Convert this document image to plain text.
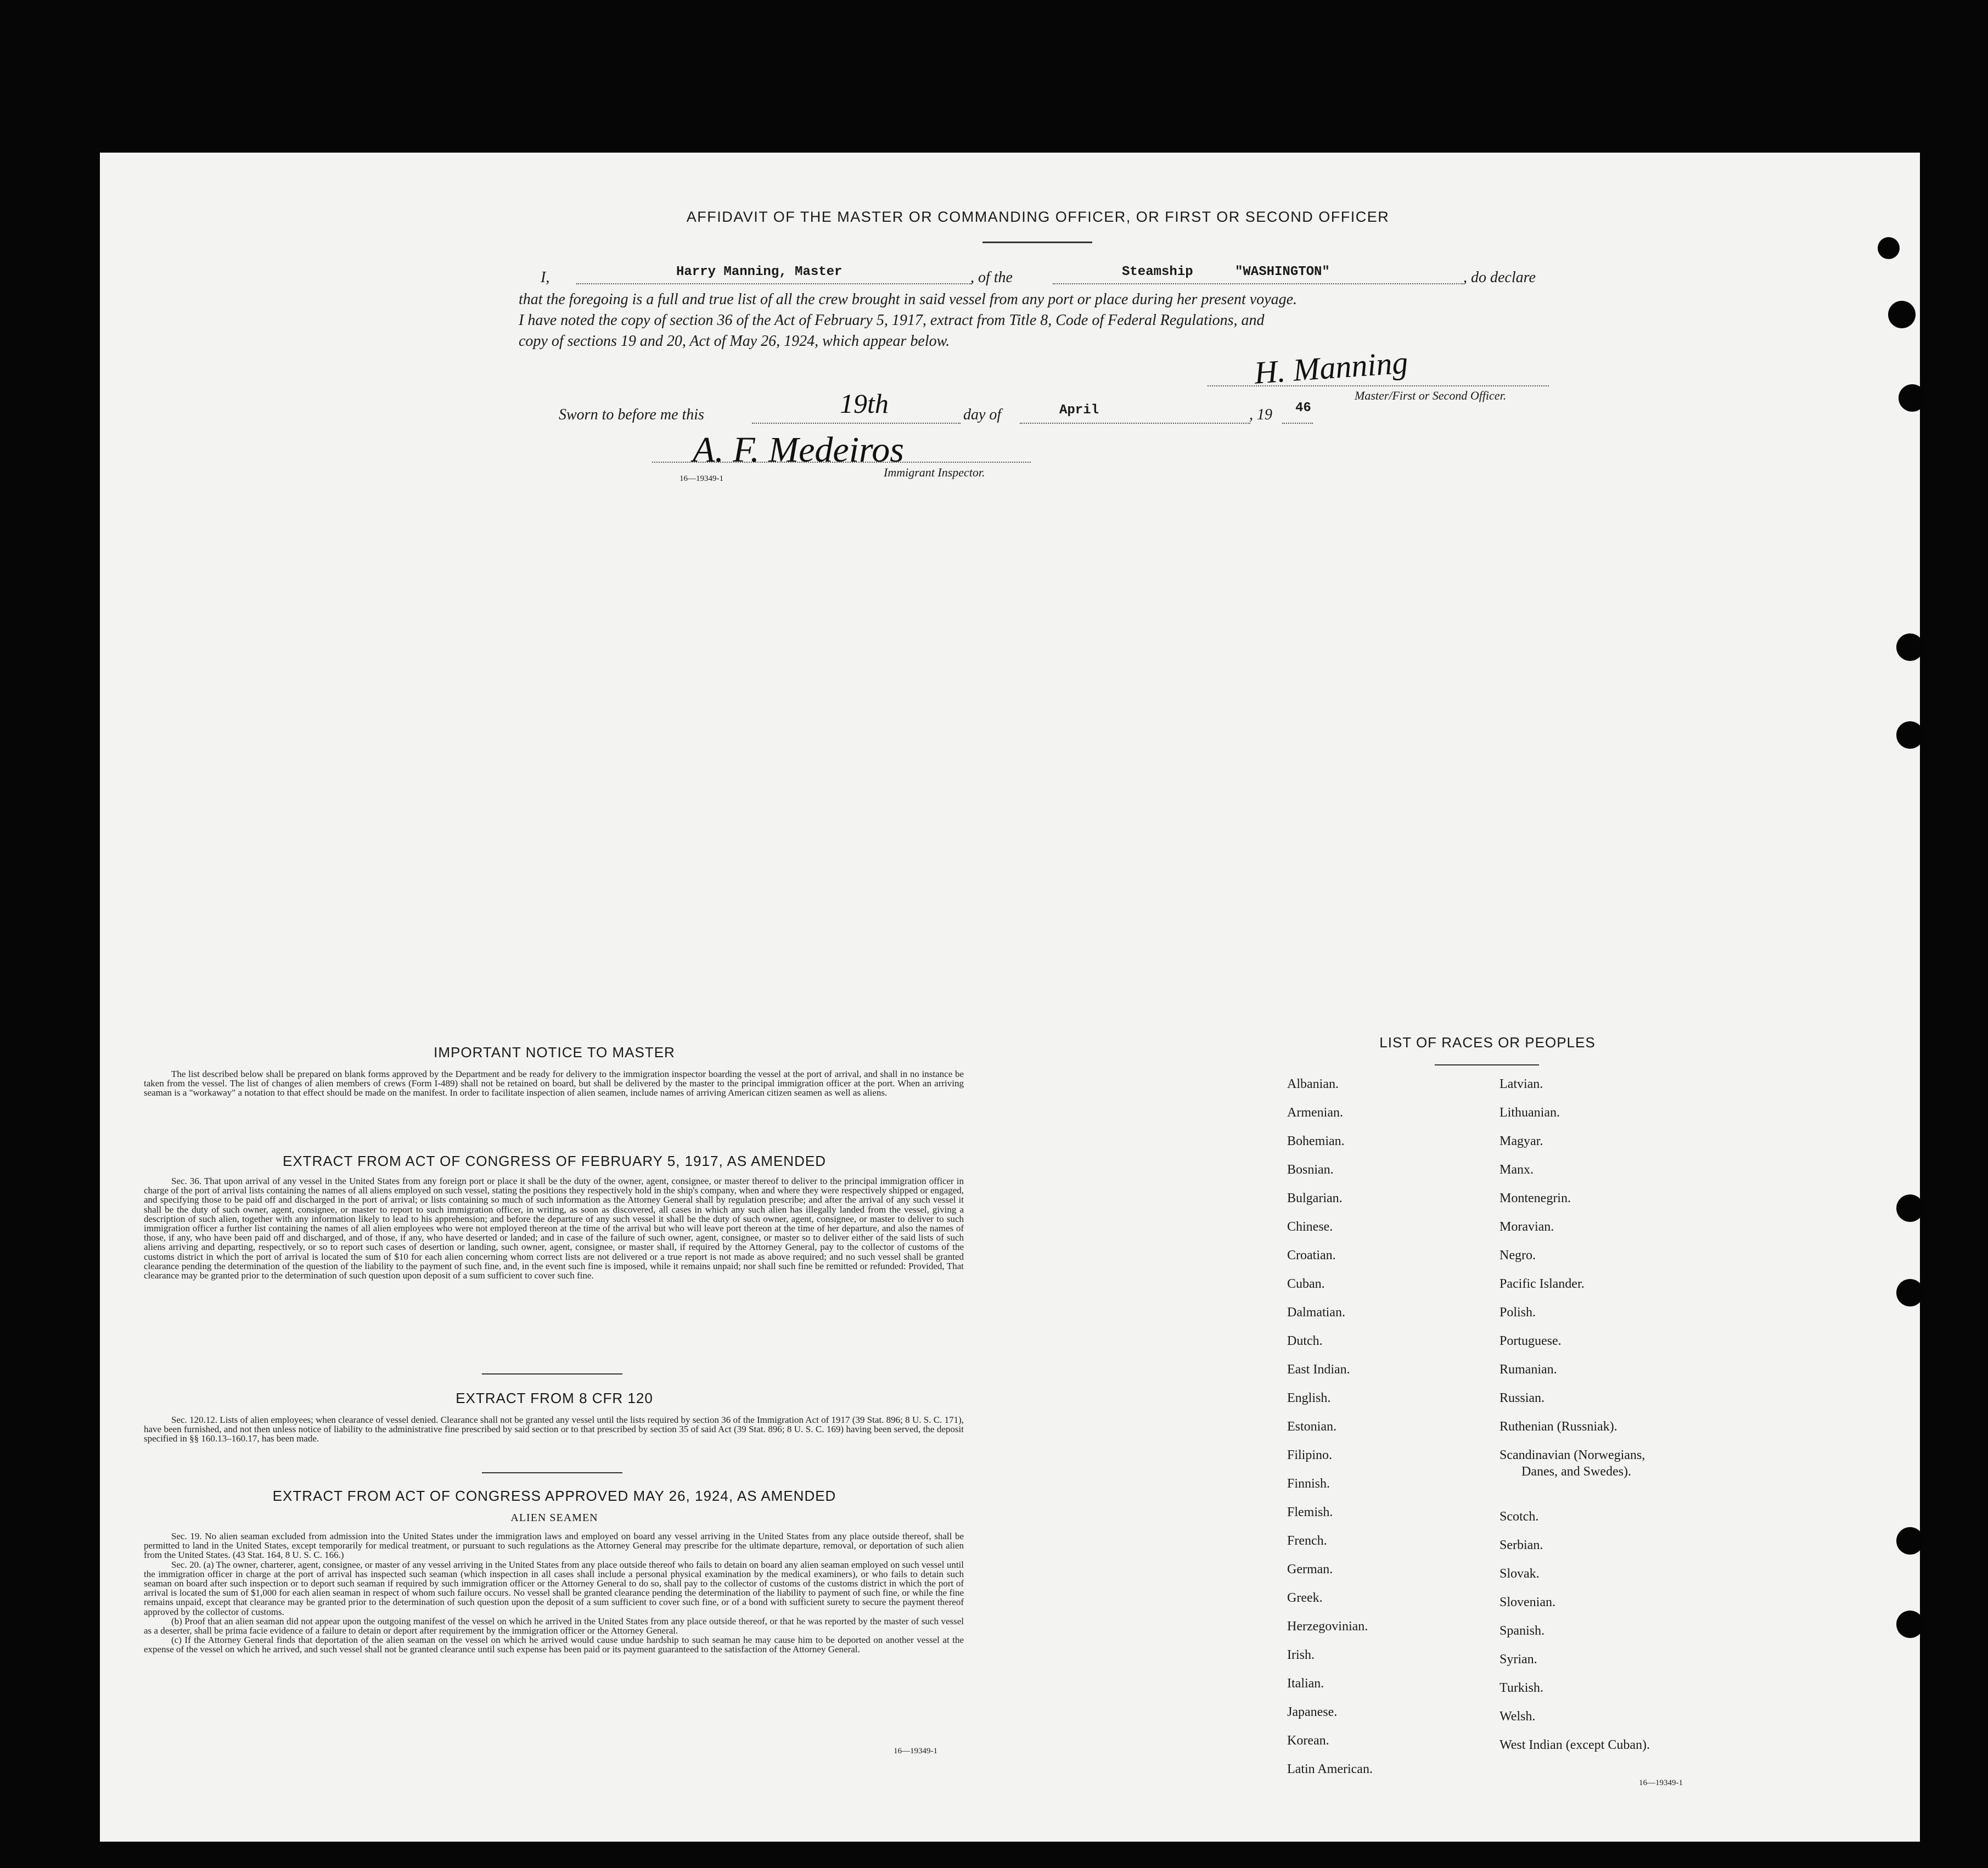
AFFIDAVIT OF THE MASTER OR COMMANDING OFFICER, OR FIRST OR SECOND OFFICER
I,	Harry Manning, Master	, of the	Steamship	"WASHINGTON"	, do declare
that the foregoing is a full and true list of all the crew brought in said vessel from any port or place during her present voyage.
I have noted the copy of section 36 of the Act of February 5, 1917, extract from Title 8, Code of Federal Regulations, and
copy of sections 19 and 20, Act of May 26, 1924, which appear below.
H. Manning
Master/First or Second Officer.
Sworn to before me this	19th	day of	April	, 19 46
A. F. Medeiros
16—19349-1	Immigrant Inspector.
IMPORTANT NOTICE TO MASTER

The list described below shall be prepared on blank forms approved by the Department and be ready for delivery to the immigration inspector boarding the vessel at the port of arrival, and shall in no instance be taken from the vessel. The list of changes of alien members of crews (Form I-489) shall not be retained on board, but shall be delivered by the master to the principal immigration officer at the port. When an arriving seaman is a "workaway" a notation to that effect should be made on the manifest. In order to facilitate inspection of alien seamen, include names of arriving American citizen seamen as well as aliens.

EXTRACT FROM ACT OF CONGRESS OF FEBRUARY 5, 1917, AS AMENDED

Sec. 36. That upon arrival of any vessel in the United States from any foreign port or place it shall be the duty of the owner, agent, consignee, or master thereof to deliver to the principal immigration officer in charge of the port of arrival lists containing the names of all aliens employed on such vessel, stating the positions they respectively hold in the ship's company, when and where they were respectively shipped or engaged, and specifying those to be paid off and discharged in the port of arrival; or lists containing so much of such information as the Attorney General shall by regulation prescribe; and after the arrival of any such vessel it shall be the duty of such owner, agent, consignee, or master to report to such immigration officer, in writing, as soon as discovered, all cases in which any such alien has illegally landed from the vessel, giving a description of such alien, together with any information likely to lead to his apprehension; and before the departure of any such vessel it shall be the duty of such owner, agent, consignee, or master to deliver to such immigration officer a further list containing the names of all alien employees who were not employed thereon at the time of the arrival but who will leave port thereon at the time of her departure, and also the names of those, if any, who have been paid off and discharged, and of those, if any, who have deserted or landed; and in case of the failure of such owner, agent, consignee, or master so to deliver either of the said lists of such aliens arriving and departing, respectively, or so to report such cases of desertion or landing, such owner, agent, consignee, or master shall, if required by the Attorney General, pay to the collector of customs of the customs district in which the port of arrival is located the sum of $10 for each alien concerning whom correct lists are not delivered or a true report is not made as above required; and no such vessel shall be granted clearance pending the determination of the question of the liability to the payment of such fine, and, in the event such fine is imposed, while it remains unpaid; nor shall such fine be remitted or refunded: Provided, That clearance may be granted prior to the determination of such question upon deposit of a sum sufficient to cover such fine.

EXTRACT FROM 8 CFR 120

Sec. 120.12. Lists of alien employees; when clearance of vessel denied. Clearance shall not be granted any vessel until the lists required by section 36 of the Immigration Act of 1917 (39 Stat. 896; 8 U. S. C. 171), have been furnished, and not then unless notice of liability to the administrative fine prescribed by said section or to that prescribed by section 35 of said Act (39 Stat. 896; 8 U. S. C. 169) having been served, the deposit specified in §§ 160.13–160.17, has been made.

EXTRACT FROM ACT OF CONGRESS APPROVED MAY 26, 1924, AS AMENDED
ALIEN SEAMEN

Sec. 19. No alien seaman excluded from admission into the United States under the immigration laws and employed on board any vessel arriving in the United States from any place outside thereof, shall be permitted to land in the United States, except temporarily for medical treatment, or pursuant to such regulations as the Attorney General may prescribe for the ultimate departure, removal, or deportation of such alien from the United States. (43 Stat. 164, 8 U. S. C. 166.)

Sec. 20. (a) The owner, charterer, agent, consignee, or master of any vessel arriving in the United States from any place outside thereof who fails to detain on board any alien seaman employed on such vessel until the immigration officer in charge at the port of arrival has inspected such seaman (which inspection in all cases shall include a personal physical examination by the medical examiners), or who fails to detain such seaman on board after such inspection or to deport such seaman if required by such immigration officer or the Attorney General to do so, shall pay to the collector of customs of the customs district in which the port of arrival is located the sum of $1,000 for each alien seaman in respect of whom such failure occurs. No vessel shall be granted clearance pending the determination of the liability to payment of such fine, or while the fine remains unpaid, except that clearance may be granted prior to the determination of such question upon the deposit of a sum sufficient to cover such fine, or of a bond with sufficient surety to secure the payment thereof approved by the collector of customs.

(b) Proof that an alien seaman did not appear upon the outgoing manifest of the vessel on which he arrived in the United States from any place outside thereof, or that he was reported by the master of such vessel as a deserter, shall be prima facie evidence of a failure to detain or deport after requirement by the immigration officer or the Attorney General.

(c) If the Attorney General finds that deportation of the alien seaman on the vessel on which he arrived would cause undue hardship to such seaman he may cause him to be deported on another vessel at the expense of the vessel on which he arrived, and such vessel shall not be granted clearance until such expense has been paid or its payment guaranteed to the satisfaction of the Attorney General.

16—19349-1
LIST OF RACES OR PEOPLES
Albanian.
Armenian.
Bohemian.
Bosnian.
Bulgarian.
Chinese.
Croatian.
Cuban.
Dalmatian.
Dutch.
East Indian.
English.
Estonian.
Filipino.
Finnish.
Flemish.
French.
German.
Greek.
Herzegovinian.
Irish.
Italian.
Japanese.
Korean.
Latin American.
Latvian.
Lithuanian.
Magyar.
Manx.
Montenegrin.
Moravian.
Negro.
Pacific Islander.
Polish.
Portuguese.
Rumanian.
Russian.
Ruthenian (Russniak).
Scandinavian (Norwegians,
Danes, and Swedes).
Scotch.
Serbian.
Slovak.
Slovenian.
Spanish.
Syrian.
Turkish.
Welsh.
West Indian (except Cuban).
16—19349-1
